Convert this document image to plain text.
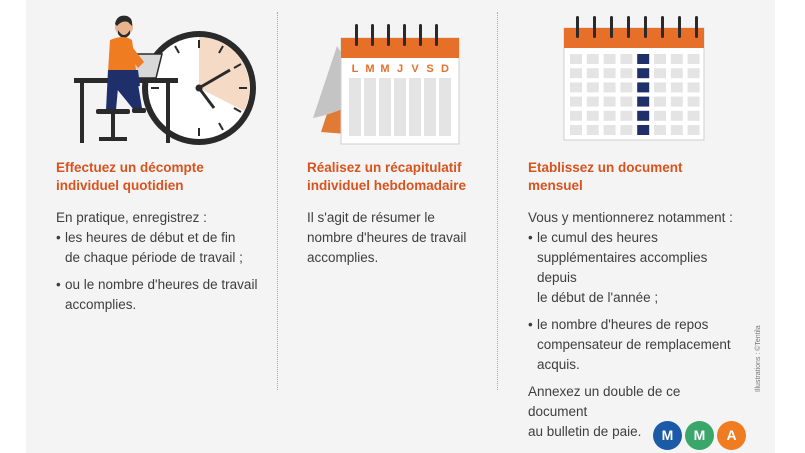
Effectuez un décompte
individuel quotidien
En pratique, enregistrez :
• les heures de début et de fin
de chaque période de travail ;
• ou le nombre d'heures de travail
accomplies.
L M M J V S D
Réalisez un récapitulatif
individuel hebdomadaire
Il s'agit de résumer le
nombre d'heures de travail
accomplies.
Etablissez un document
mensuel
Vous y mentionnerez notamment :
• le cumul des heures
supplémentaires accomplies depuis
le début de l'année ;
• le nombre d'heures de repos
compensateur de remplacement
acquis.
Annexez un double de ce document
au bulletin de paie.
Illustrations : ©Tentila
M	M	A
